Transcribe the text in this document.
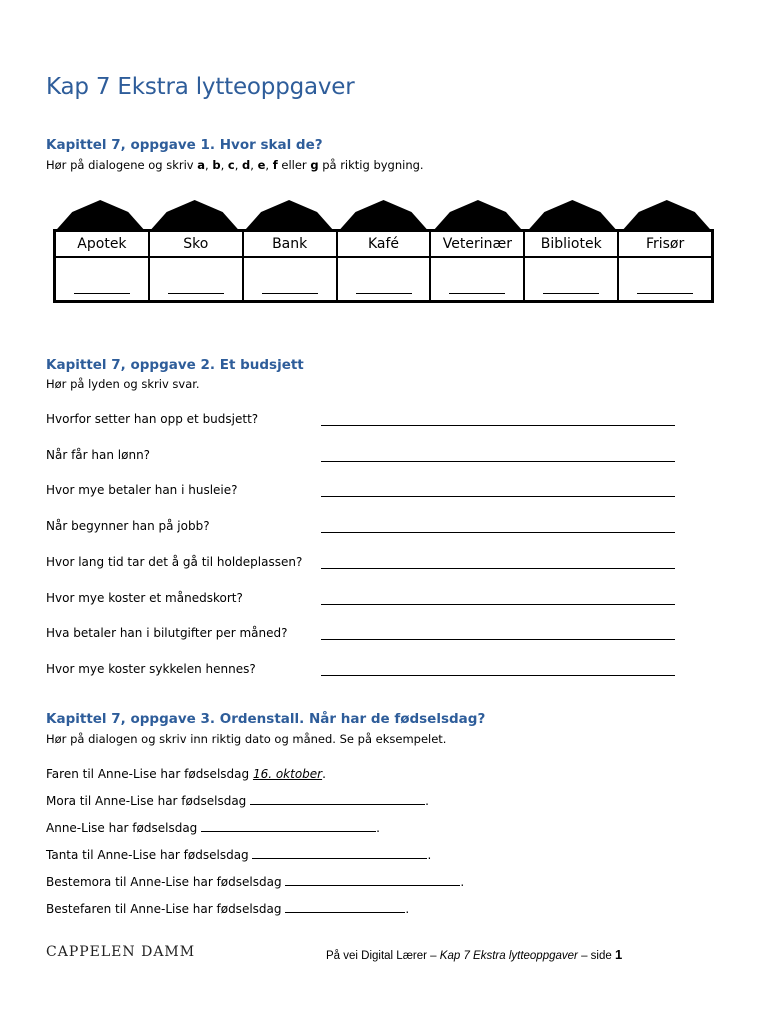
Kap 7 Ekstra lytteoppgaver
Kapittel 7, oppgave 1. Hvor skal de?

Hør på dialogene og skriv a, b, c, d, e, f eller g på riktig bygning.

Apotek	Sko	Bank	Kafé	Veterinær	Bibliotek	Frisør
Kapittel 7, oppgave 2. Et budsjett

Hør på lyden og skriv svar.

Hvorfor setter han opp et budsjett?

Når får han lønn?

Hvor mye betaler han i husleie?

Når begynner han på jobb?

Hvor lang tid tar det å gå til holdeplassen?

Hvor mye koster et månedskort?

Hva betaler han i bilutgifter per måned?

Hvor mye koster sykkelen hennes?

Kapittel 7, oppgave 3. Ordenstall. Når har de fødselsdag?

Hør på dialogen og skriv inn riktig dato og måned. Se på eksempelet.

Faren til Anne-Lise har fødselsdag 16. oktober.

Mora til Anne-Lise har fødselsdag	.

Anne-Lise har fødselsdag	.

Tanta til Anne-Lise har fødselsdag	.

Bestemora til Anne-Lise har fødselsdag	.

Bestefaren til Anne-Lise har fødselsdag	.

CAPPELEN DAMM	På vei Digital Lærer – Kap 7 Ekstra lytteoppgaver – side 1
